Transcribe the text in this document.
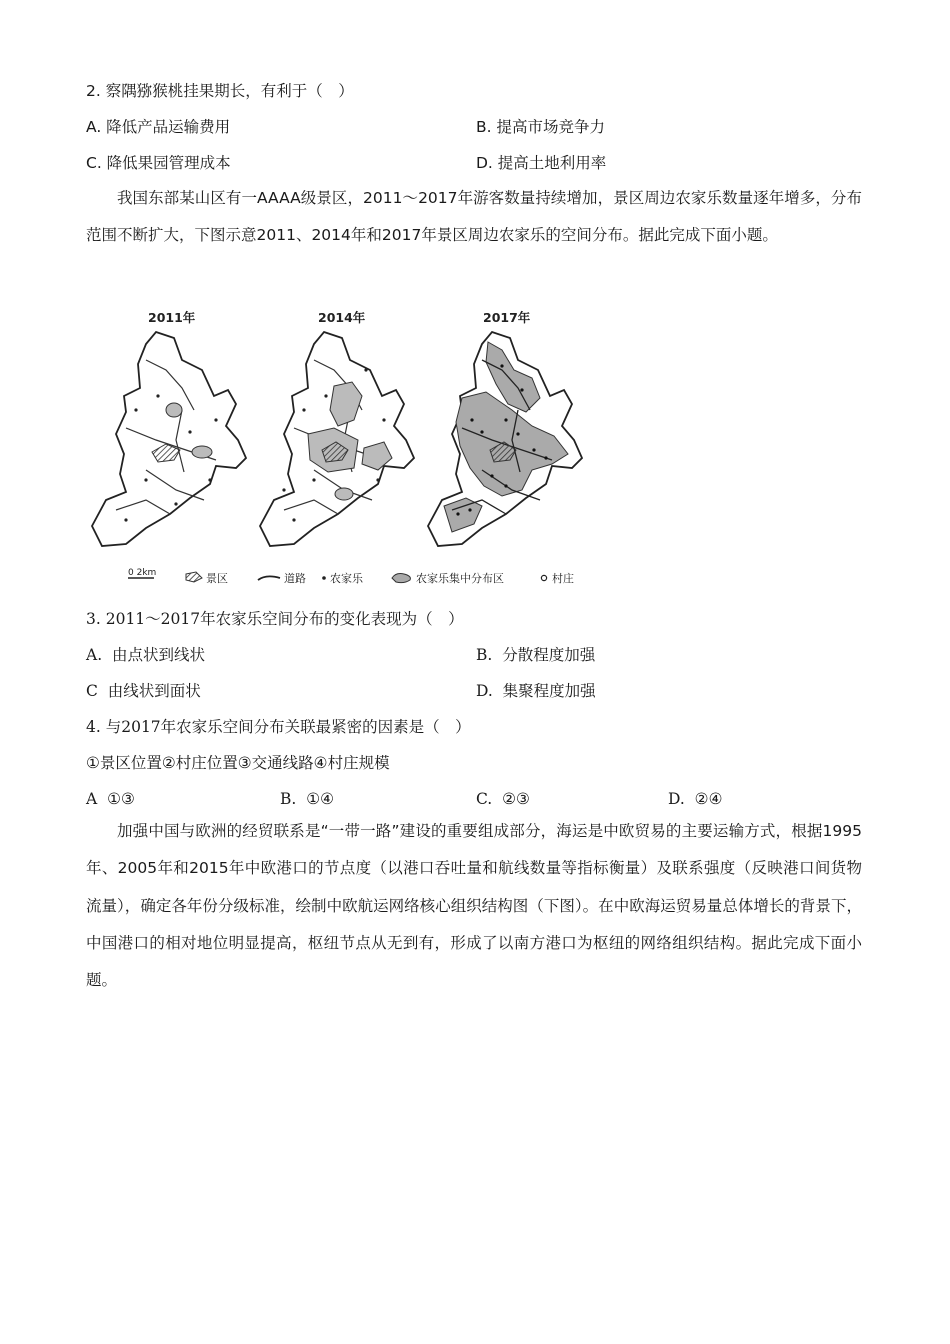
2. 察隅猕猴桃挂果期长，有利于（　）
A. 降低产品运输费用	B. 提高市场竞争力
C. 降低果园管理成本	D. 提高土地利用率

我国东部某山区有一AAAA级景区，2011～2017年游客数量持续增加，景区周边农家乐数量逐年增多，分布范围不断扩大，下图示意2011、2014年和2017年景区周边农家乐的空间分布。据此完成下面小题。

2011年	2014年	2017年
0 2km	景区	道路 农家乐	农家乐集中分布区	村庄
3. 2011～2017年农家乐空间分布的变化表现为（　）
A. 由点状到线状	B. 分散程度加强
C 由线状到面状	D. 集聚程度加强
4. 与2017年农家乐空间分布关联最紧密的因素是（　）
①景区位置②村庄位置③交通线路④村庄规模
A ①③	B. ①④	C. ②③	D. ②④

加强中国与欧洲的经贸联系是“一带一路”建设的重要组成部分，海运是中欧贸易的主要运输方式，根据1995年、2005年和2015年中欧港口的节点度（以港口吞吐量和航线数量等指标衡量）及联系强度（反映港口间货物流量），确定各年份分级标准，绘制中欧航运网络核心组织结构图（下图）。在中欧海运贸易量总体增长的背景下，中国港口的相对地位明显提高，枢纽节点从无到有，形成了以南方港口为枢纽的网络组织结构。据此完成下面小题。
